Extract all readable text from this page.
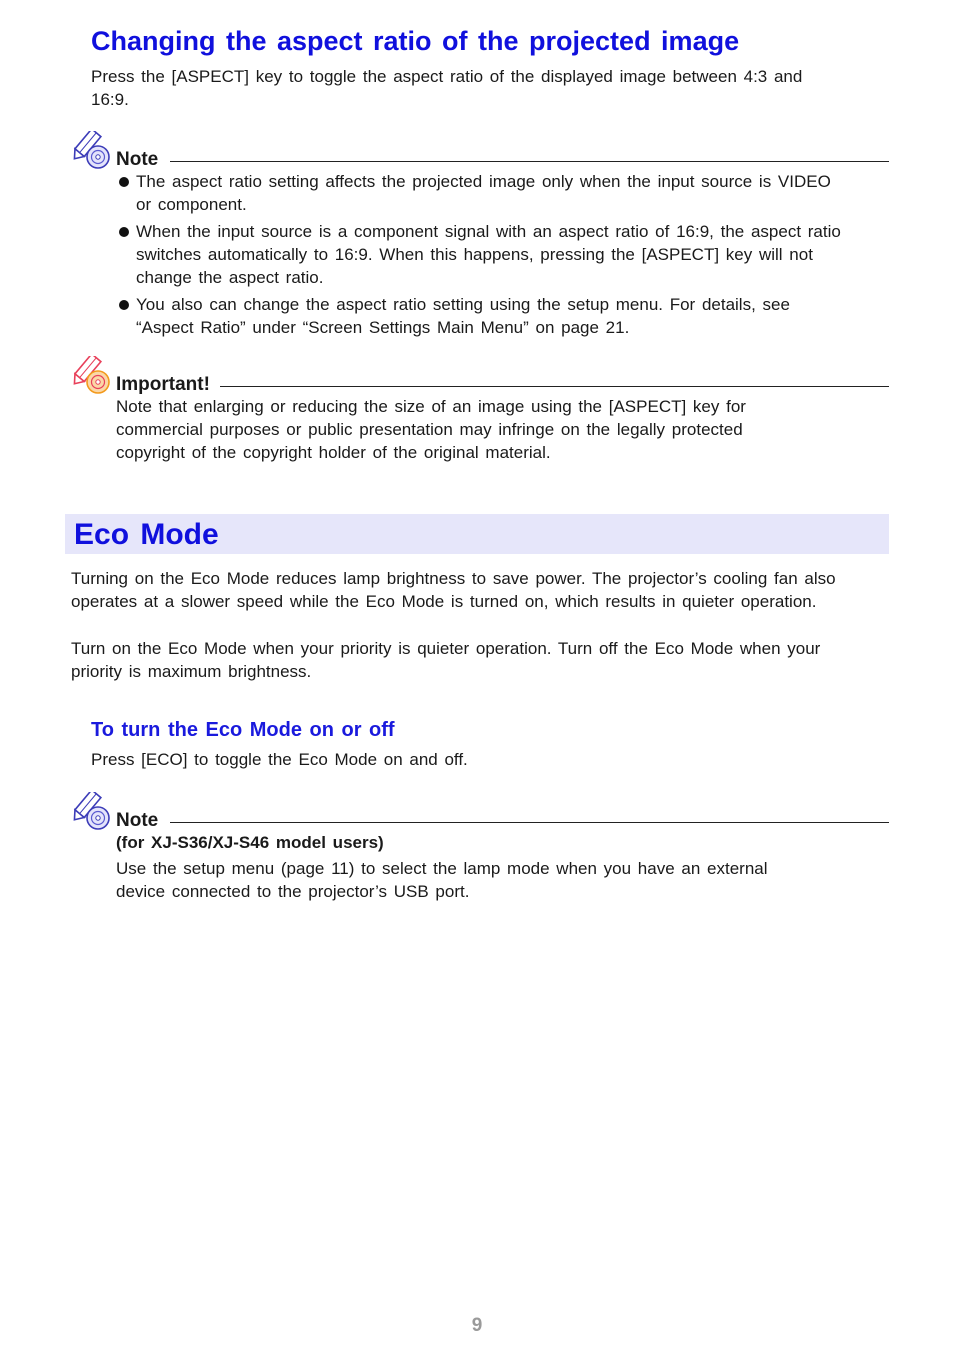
Changing the aspect ratio of the projected image

Press the [ASPECT] key to toggle the aspect ratio of the displayed image between 4:3 and 16:9.

Note
The aspect ratio setting affects the projected image only when the input source is VIDEO or component.
When the input source is a component signal with an aspect ratio of 16:9, the aspect ratio switches automatically to 16:9. When this happens, pressing the [ASPECT] key will not change the aspect ratio.
You also can change the aspect ratio setting using the setup menu. For details, see “Aspect Ratio” under “Screen Settings Main Menu” on page 21.
Important!

Note that enlarging or reducing the size of an image using the [ASPECT] key for commercial purposes or public presentation may infringe on the legally protected copyright of the copyright holder of the original material.

Eco Mode

Turning on the Eco Mode reduces lamp brightness to save power. The projector’s cooling fan also operates at a slower speed while the Eco Mode is turned on, which results in quieter operation.

Turn on the Eco Mode when your priority is quieter operation. Turn off the Eco Mode when your priority is maximum brightness.

To turn the Eco Mode on or off

Press [ECO] to toggle the Eco Mode on and off.

Note

(for XJ-S36/XJ-S46 model users)

Use the setup menu (page 11) to select the lamp mode when you have an external device connected to the projector’s USB port.

9
